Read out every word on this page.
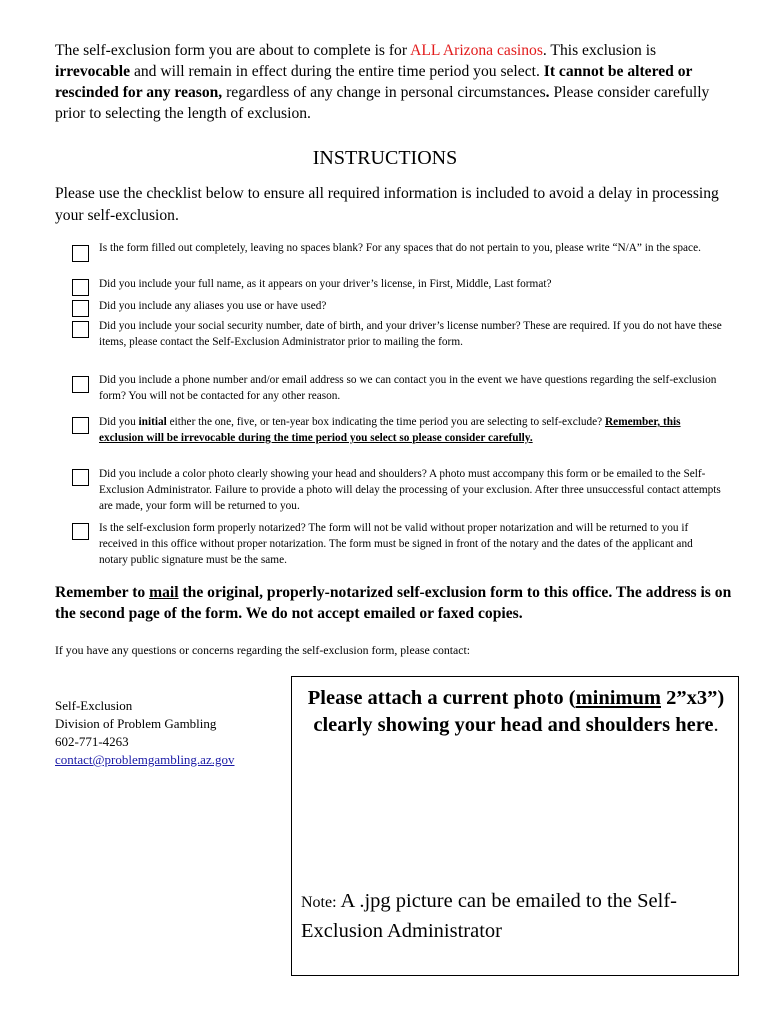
The self-exclusion form you are about to complete is for ALL Arizona casinos. This exclusion is irrevocable and will remain in effect during the entire time period you select. It cannot be altered or rescinded for any reason, regardless of any change in personal circumstances. Please consider carefully prior to selecting the length of exclusion.
INSTRUCTIONS
Please use the checklist below to ensure all required information is included to avoid a delay in processing your self-exclusion.
Is the form filled out completely, leaving no spaces blank? For any spaces that do not pertain to you, please write “N/A” in the space.
Did you include your full name, as it appears on your driver’s license, in First, Middle, Last format?
Did you include any aliases you use or have used?
Did you include your social security number, date of birth, and your driver’s license number? These are required. If you do not have these items, please contact the Self-Exclusion Administrator prior to mailing the form.
Did you include a phone number and/or email address so we can contact you in the event we have questions regarding the self-exclusion form? You will not be contacted for any other reason.
Did you initial either the one, five, or ten-year box indicating the time period you are selecting to self-exclude? Remember, this exclusion will be irrevocable during the time period you select so please consider carefully.
Did you include a color photo clearly showing your head and shoulders? A photo must accompany this form or be emailed to the Self-Exclusion Administrator. Failure to provide a photo will delay the processing of your exclusion. After three unsuccessful contact attempts are made, your form will be returned to you.
Is the self-exclusion form properly notarized? The form will not be valid without proper notarization and will be returned to you if received in this office without proper notarization. The form must be signed in front of the notary and the dates of the applicant and notary public signature must be the same.
Remember to mail the original, properly-notarized self-exclusion form to this office. The address is on the second page of the form. We do not accept emailed or faxed copies.
If you have any questions or concerns regarding the self-exclusion form, please contact:
Self-Exclusion
Division of Problem Gambling
602-771-4263
contact@problemgambling.az.gov
Please attach a current photo (minimum 2”x3”) clearly showing your head and shoulders here.
Note: A .jpg picture can be emailed to the Self-Exclusion Administrator
